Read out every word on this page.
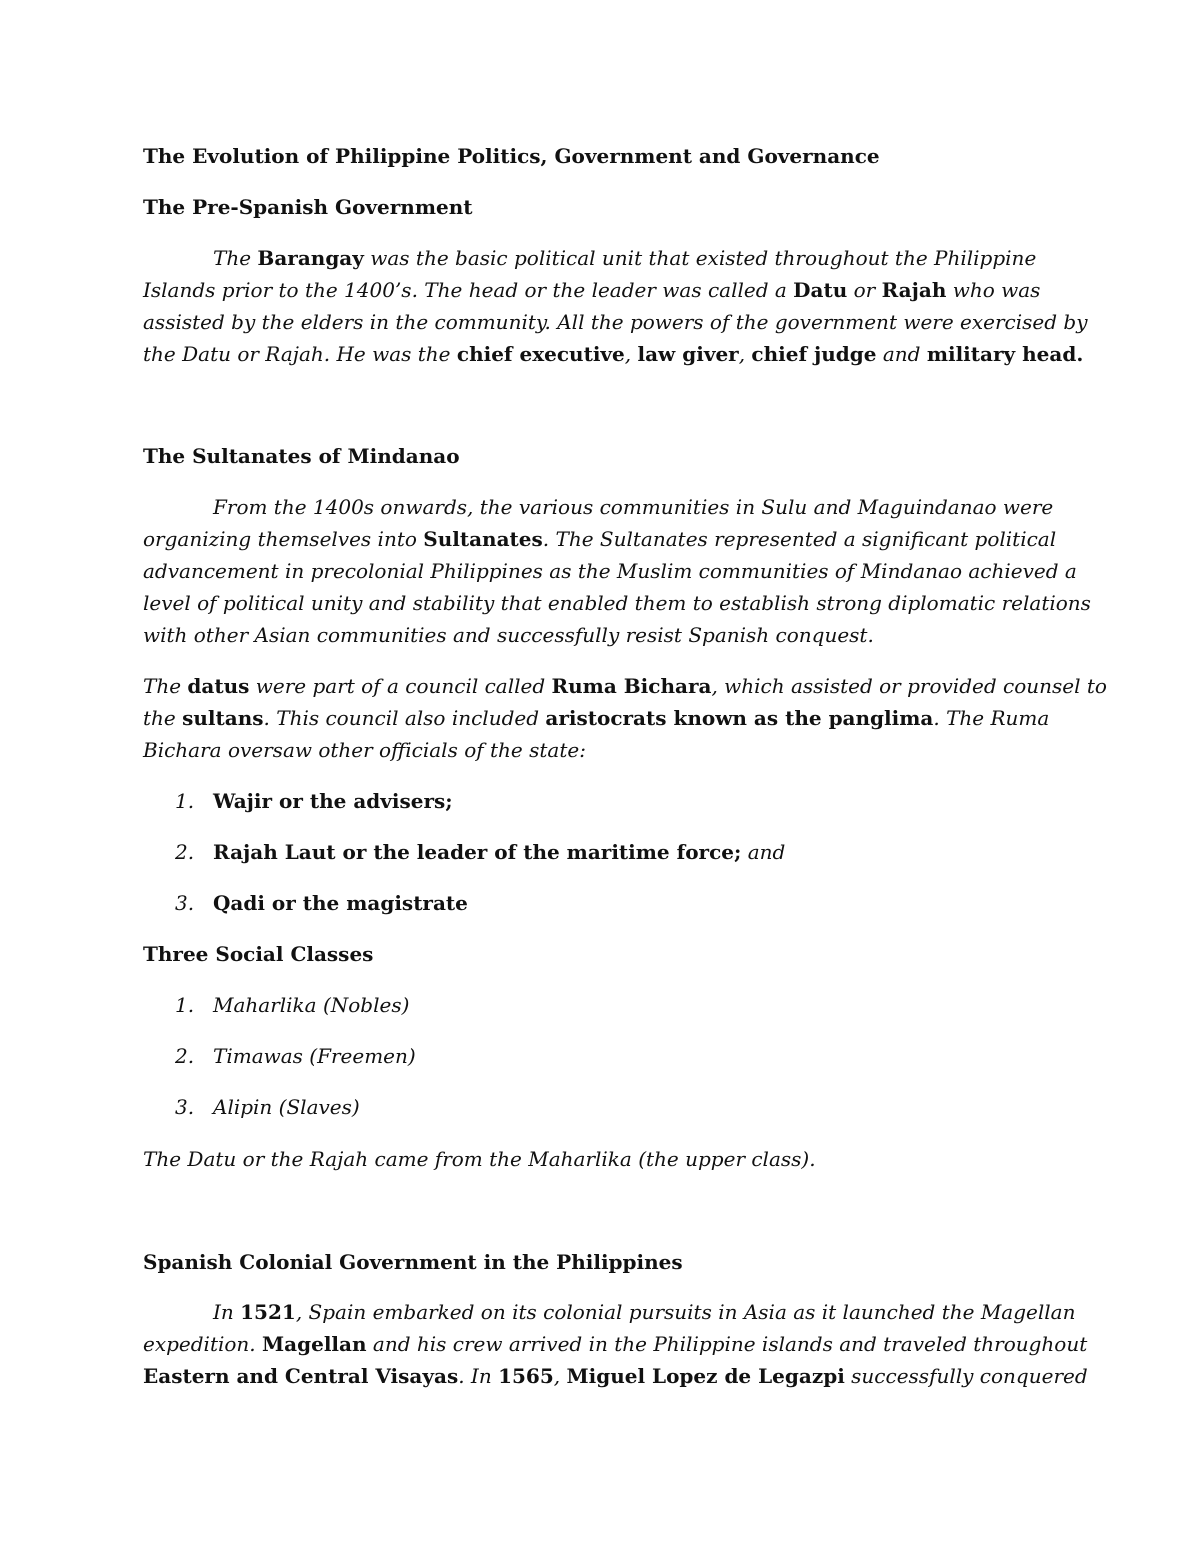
The Evolution of Philippine Politics, Government and Governance

The Pre-Spanish Government

The Barangay was the basic political unit that existed throughout the Philippine

Islands prior to the 1400’s. The head or the leader was called a Datu or Rajah who was

assisted by the elders in the community. All the powers of the government were exercised by

the Datu or Rajah. He was the chief executive, law giver, chief judge and military head.

The Sultanates of Mindanao

From the 1400s onwards, the various communities in Sulu and Maguindanao were

organizing themselves into Sultanates. The Sultanates represented a significant political

advancement in precolonial Philippines as the Muslim communities of Mindanao achieved a

level of political unity and stability that enabled them to establish strong diplomatic relations

with other Asian communities and successfully resist Spanish conquest.

The datus were part of a council called Ruma Bichara, which assisted or provided counsel to

the sultans. This council also included aristocrats known as the panglima. The Ruma

Bichara oversaw other officials of the state:

1. Wajir or the advisers;

2. Rajah Laut or the leader of the maritime force; and

3. Qadi or the magistrate

Three Social Classes

1. Maharlika (Nobles)

2. Timawas (Freemen)

3. Alipin (Slaves)

The Datu or the Rajah came from the Maharlika (the upper class).

Spanish Colonial Government in the Philippines

In 1521, Spain embarked on its colonial pursuits in Asia as it launched the Magellan

expedition. Magellan and his crew arrived in the Philippine islands and traveled throughout

Eastern and Central Visayas. In 1565, Miguel Lopez de Legazpi successfully conquered
